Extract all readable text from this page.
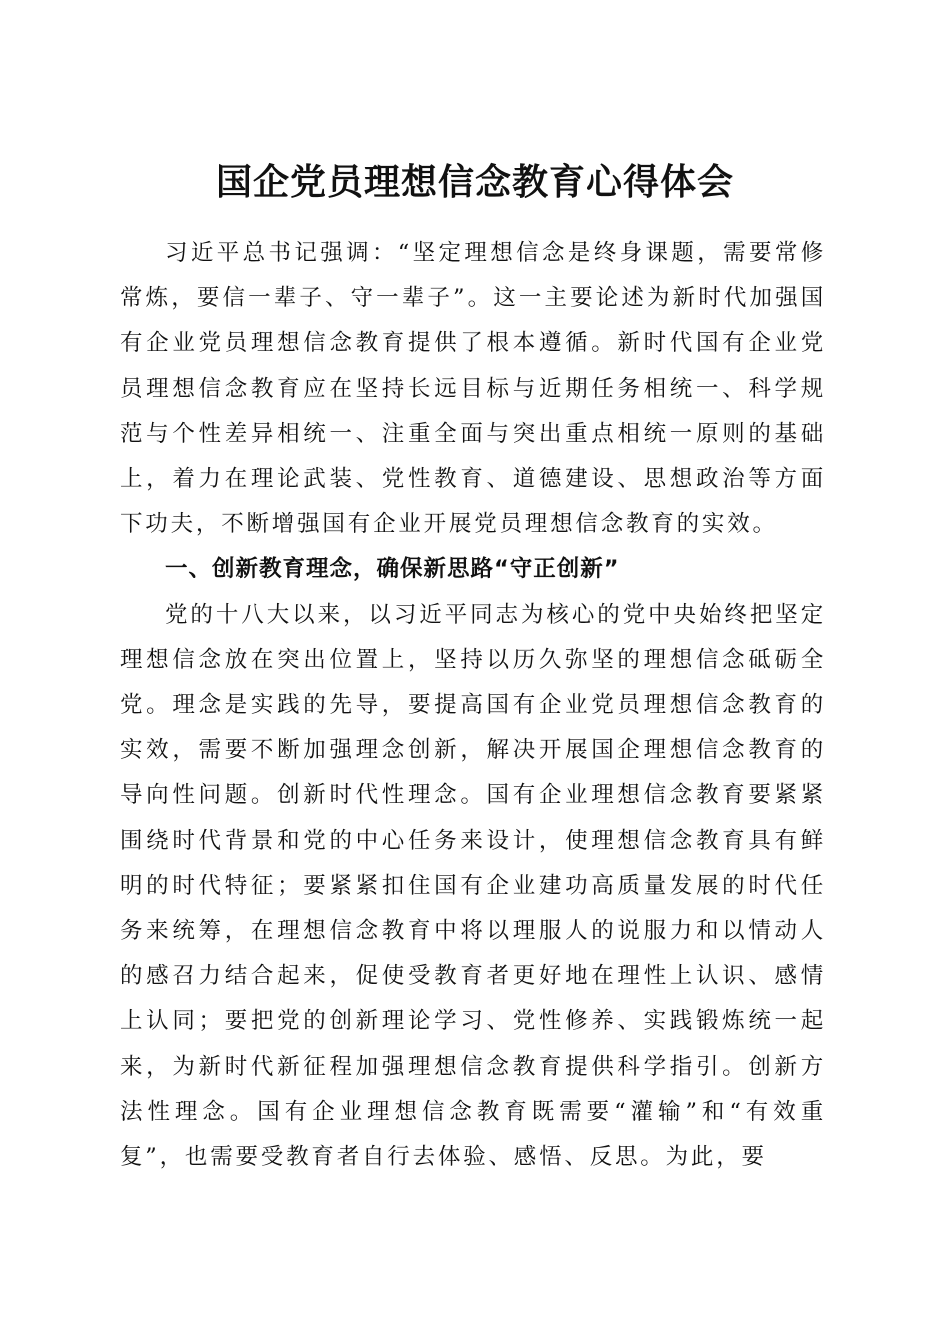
国企党员理想信念教育心得体会

习近平总书记强调：“坚定理想信念是终身课题，需要常修常炼，要信一辈子、守一辈子”。这一主要论述为新时代加强国有企业党员理想信念教育提供了根本遵循。新时代国有企业党员理想信念教育应在坚持长远目标与近期任务相统一、科学规范与个性差异相统一、注重全面与突出重点相统一原则的基础上，着力在理论武装、党性教育、道德建设、思想政治等方面下功夫，不断增强国有企业开展党员理想信念教育的实效。

一、创新教育理念，确保新思路“守正创新”

党的十八大以来，以习近平同志为核心的党中央始终把坚定理想信念放在突出位置上，坚持以历久弥坚的理想信念砥砺全党。理念是实践的先导，要提高国有企业党员理想信念教育的实效，需要不断加强理念创新，解决开展国企理想信念教育的导向性问题。创新时代性理念。国有企业理想信念教育要紧紧围绕时代背景和党的中心任务来设计，使理想信念教育具有鲜明的时代特征；要紧紧扣住国有企业建功高质量发展的时代任务来统筹，在理想信念教育中将以理服人的说服力和以情动人的感召力结合起来，促使受教育者更好地在理性上认识、感情上认同；要把党的创新理论学习、党性修养、实践锻炼统一起来，为新时代新征程加强理想信念教育提供科学指引。创新方法性理念。国有企业理想信念教育既需要“灌输”和“有效重复”，也需要受教育者自行去体验、感悟、反思。为此，要
